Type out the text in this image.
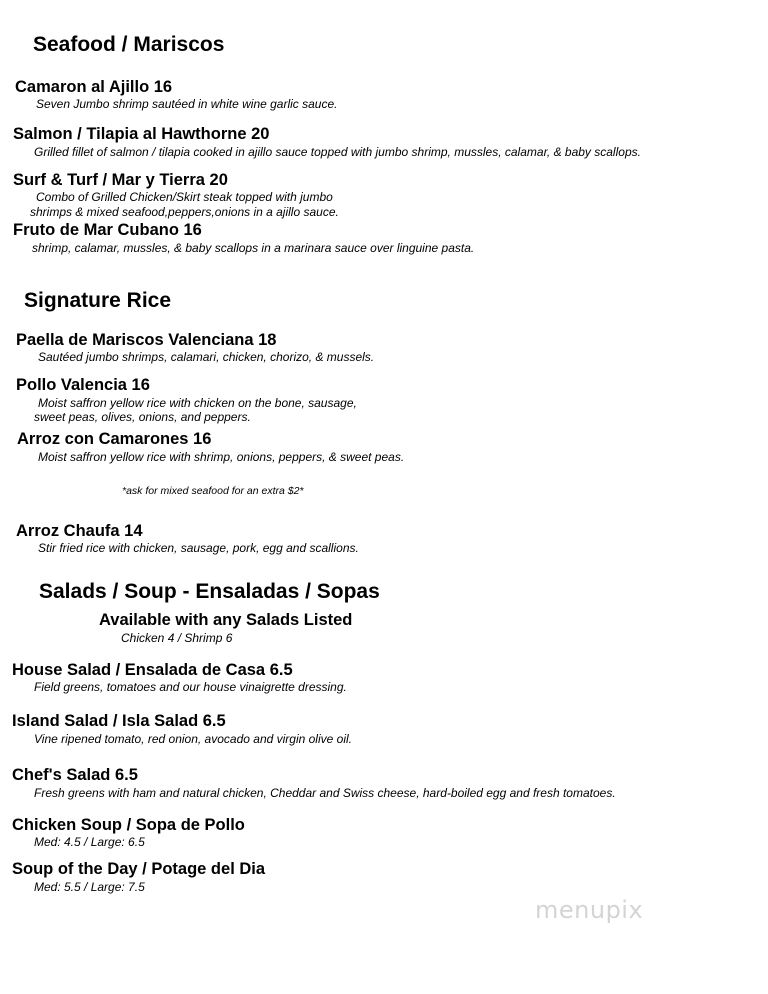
Seafood / Mariscos
Camaron al Ajillo 16
Seven Jumbo shrimp sautéed in white wine garlic sauce.
Salmon / Tilapia al Hawthorne 20
Grilled fillet of salmon / tilapia cooked in ajillo sauce topped with jumbo shrimp, mussles, calamar, & baby scallops.
Surf & Turf / Mar y Tierra 20
Combo of Grilled Chicken/Skirt steak topped with jumbo
shrimps & mixed seafood,peppers,onions in a ajillo sauce.
Fruto de Mar Cubano 16
shrimp, calamar, mussles, & baby scallops in a marinara sauce over linguine pasta.
Signature Rice
Paella de Mariscos Valenciana 18
Sautéed jumbo shrimps, calamari, chicken, chorizo, & mussels.
Pollo Valencia 16
Moist saffron yellow rice with chicken on the bone, sausage,
sweet peas, olives, onions, and peppers.
Arroz con Camarones 16
Moist saffron yellow rice with shrimp, onions, peppers, & sweet peas.
*ask for mixed seafood for an extra $2*
Arroz Chaufa 14
Stir fried rice with chicken, sausage, pork, egg and scallions.
Salads / Soup - Ensaladas / Sopas
Available with any Salads Listed
Chicken 4 / Shrimp 6
House Salad / Ensalada de Casa 6.5
Field greens, tomatoes and our house vinaigrette dressing.
Island Salad / Isla Salad 6.5
Vine ripened tomato, red onion, avocado and virgin olive oil.
Chef's Salad 6.5
Fresh greens with ham and natural chicken, Cheddar and Swiss cheese, hard-boiled egg and fresh tomatoes.
Chicken Soup / Sopa de Pollo
Med: 4.5 / Large: 6.5
Soup of the Day / Potage del Dia
Med: 5.5 / Large: 7.5
menupix
